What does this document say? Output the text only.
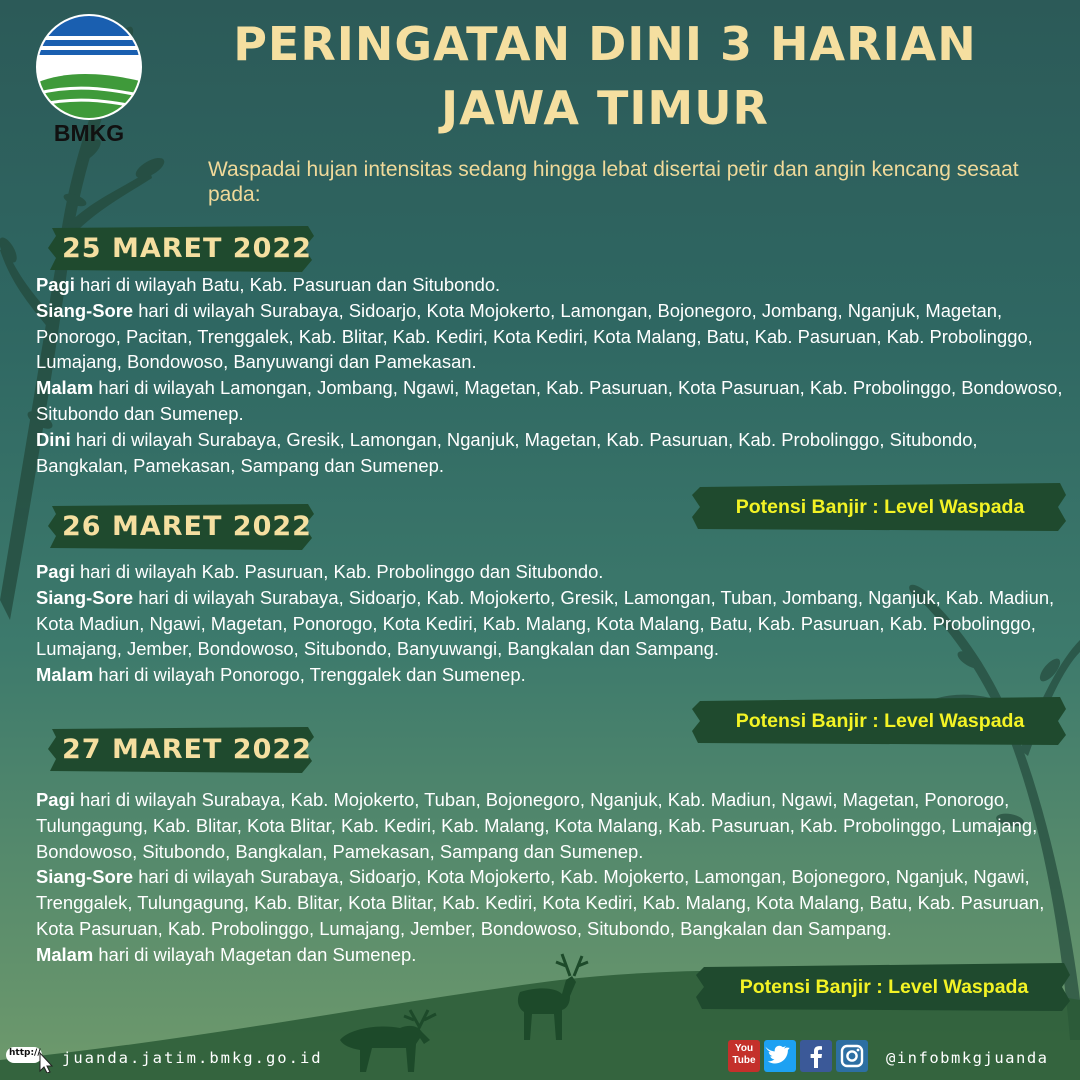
BMKG
PERINGATAN DINI 3 HARIAN
JAWA TIMUR
Waspadai hujan intensitas sedang hingga lebat disertai petir dan angin kencang sesaat pada:
25 MARET 2022

Pagi hari di wilayah Batu, Kab. Pasuruan dan Situbondo.

Siang-Sore hari di wilayah Surabaya, Sidoarjo, Kota Mojokerto, Lamongan, Bojonegoro, Jombang, Nganjuk, Magetan, Ponorogo, Pacitan, Trenggalek, Kab. Blitar, Kab. Kediri, Kota Kediri, Kota Malang, Batu, Kab. Pasuruan, Kab. Probolinggo, Lumajang, Bondowoso, Banyuwangi dan Pamekasan.

Malam hari di wilayah Lamongan, Jombang, Ngawi, Magetan, Kab. Pasuruan, Kota Pasuruan, Kab. Probolinggo, Bondowoso, Situbondo dan Sumenep.

Dini hari di wilayah Surabaya, Gresik, Lamongan, Nganjuk, Magetan, Kab. Pasuruan, Kab. Probolinggo, Situbondo, Bangkalan, Pamekasan, Sampang dan Sumenep.

Potensi Banjir : Level Waspada
26 MARET 2022

Pagi hari di wilayah Kab. Pasuruan, Kab. Probolinggo dan Situbondo.

Siang-Sore hari di wilayah Surabaya, Sidoarjo, Kab. Mojokerto, Gresik, Lamongan, Tuban, Jombang, Nganjuk, Kab. Madiun, Kota Madiun, Ngawi, Magetan, Ponorogo, Kota Kediri, Kab. Malang, Kota Malang, Batu, Kab. Pasuruan, Kab. Probolinggo, Lumajang, Jember, Bondowoso, Situbondo, Banyuwangi, Bangkalan dan Sampang.

Malam hari di wilayah Ponorogo, Trenggalek dan Sumenep.

Potensi Banjir : Level Waspada
27 MARET 2022

Pagi hari di wilayah Surabaya, Kab. Mojokerto, Tuban, Bojonegoro, Nganjuk, Kab. Madiun, Ngawi, Magetan, Ponorogo, Tulungagung, Kab. Blitar, Kota Blitar, Kab. Kediri, Kab. Malang, Kota Malang, Kab. Pasuruan, Kab. Probolinggo, Lumajang, Bondowoso, Situbondo, Bangkalan, Pamekasan, Sampang dan Sumenep.

Siang-Sore hari di wilayah Surabaya, Sidoarjo, Kota Mojokerto, Kab. Mojokerto, Lamongan, Bojonegoro, Nganjuk, Ngawi, Trenggalek, Tulungagung, Kab. Blitar, Kota Blitar, Kab. Kediri, Kota Kediri, Kab. Malang, Kota Malang, Batu, Kab. Pasuruan, Kota Pasuruan, Kab. Probolinggo, Lumajang, Jember, Bondowoso, Situbondo, Bangkalan dan Sampang.

Malam hari di wilayah Magetan dan Sumenep.

Potensi Banjir : Level Waspada
http:// juanda.jatim.bmkg.go.id
You Tube	@infobmkgjuanda
